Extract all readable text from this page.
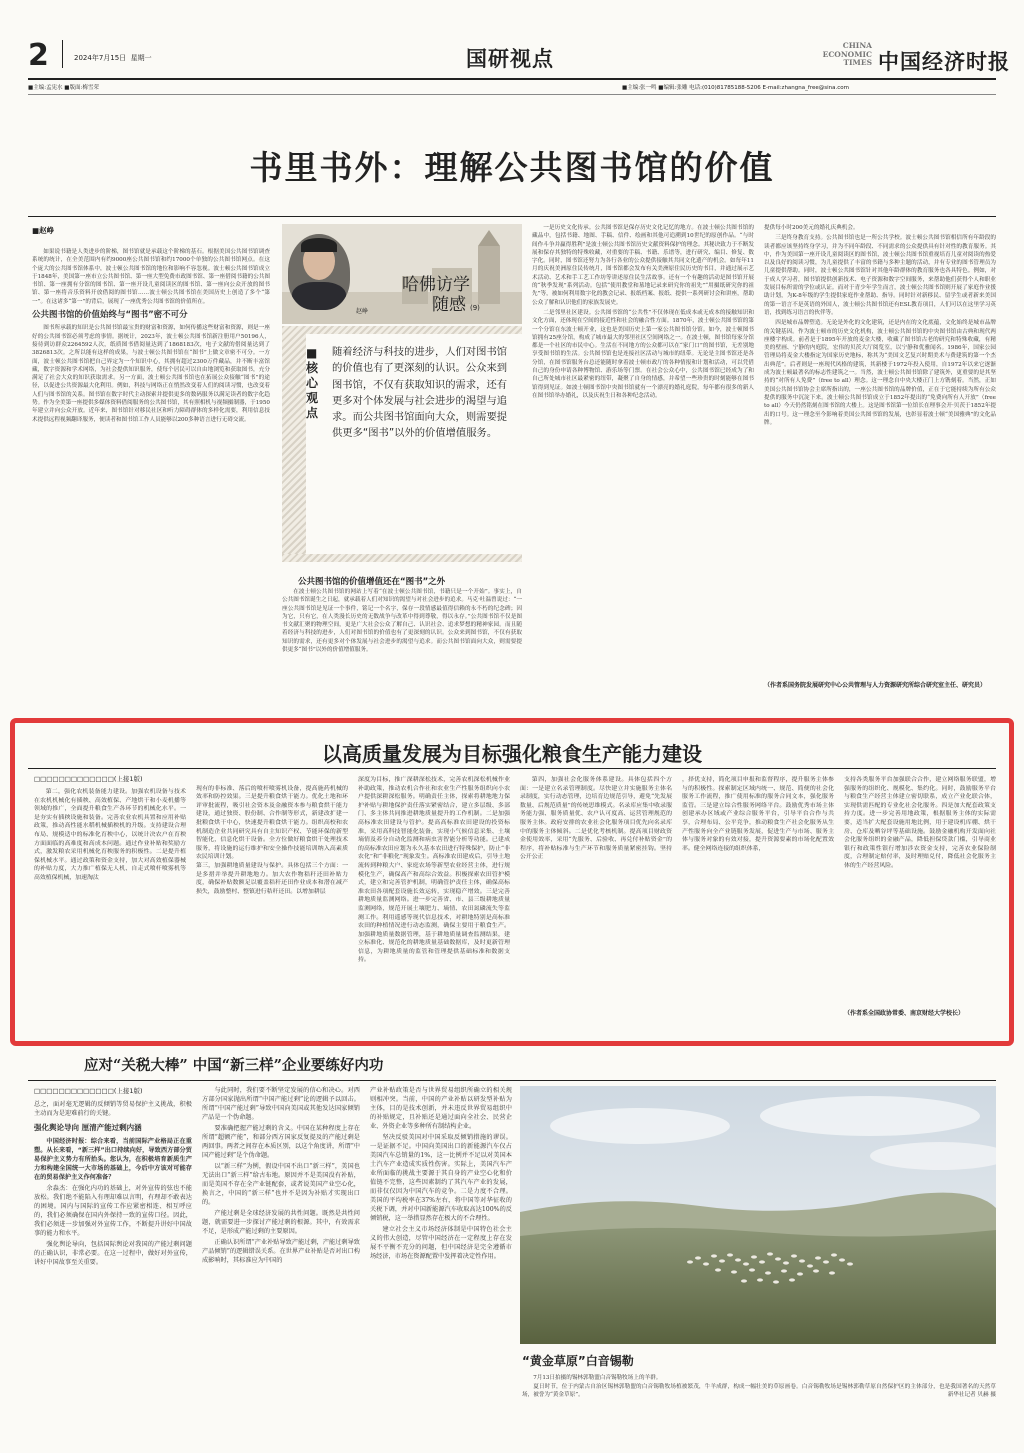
2	2024年7月15日 星期一	国研视点
CHINA
ECONOMIC
TIMES 中国经济时报
■主编:孟宪水 ■版面:梅雪荣	■主编:张一鸣 ■编辑:张雕 电话:(010)81785188-5206 E-mail:zhangna_free@sina.com
书里书外：理解公共图书馆的价值
■赵峥

如果说书籍是人类进步的阶梯，图书馆就是承载这个阶梯的基石。根据美国公共图书馆调查系统的统计，在全美范围内有约9000座公共图书馆和约17000个单独的公共图书馆网点。在这个庞大的公共图书馆体系中，波士顿公共图书馆的地位和影响不容忽视。波士顿公共图书馆成立于1848年，美国第一座市立公共图书馆、第一座大型免费市政图书馆、第一座借阅书籍的公共图书馆、第一座拥有分馆的图书馆、第一座开设儿童阅读区的图书馆、第一座向公众开放的图书馆、第一座将音乐资料开放借阅的图书馆……波士顿公共图书馆在美国历史上创造了多个“第一”。在这诸多“第一”的背后，展现了一座优秀公共图书馆的价值所在。

公共图书馆的价值始终与“图书”密不可分

图书所承载的知识是公共图书馆最宝贵的财富和资源，如何传播这些财富和资源，则是一座好的公共图书馆必须考虑的事情。据统计，2023年，波士顿公共图书馆新注册用户50196人，接待到访群众2264592人次，纸质图书借阅量达到了1868183次，电子文献的借阅量达到了3826813次。之所以能有这样的成果，与波士顿公共图书馆在“图书”上做文章密不可分。一方面，波士顿公共图书馆把自己界定为一个知识中心，其拥有超过2300万件藏品，并不断丰富馆藏，数字资源和学术网络，为社会提供知识服务，使每个居民可以自由地浏览和获取图书，充分满足了社会大众的知识获取需求。另一方面，波士顿公共图书馆也在拓展公众接触“图书”的途径，以促进公共资源最大化利用。例如，科技与网络正在悄然改变着人们的阅读习惯，也改变着人们与图书馆的关系。图书馆在数字时代主动探索并提供更多的数码服务以满足读者的数字化趋势。作为全美第一座提供多媒体资料借阅服务的公共图书馆，其有照相机与视频摄制器，于1950年建立并向公众开放。近年来，图书馆针对移民社区和听力障碍群体的多样化需要，利用信息技术提供远程视频翻译服务，便读者和图书馆工作人员能够以200多种语言进行无碍交流。

赵峥
哈佛访学
随感 (9)
■核心观点
随着经济与科技的进步，人们对图书馆的价值也有了更深刻的认识。公众来到图书馆，不仅有获取知识的需求，还有更多对个体发展与社会进步的渴望与追求。而公共图书馆面向大众，则需要提供更多“图书”以外的价值增值服务。
公共图书馆的价值增值还在“图书”之外

在波士顿公共图书馆的网站上写着“在波士顿公共图书馆，书籍只是一个开始”。事实上，自公共图书馆诞生之日起，就承载着人们对知识的渴望与对社会进步的追求。马克·吐温曾说过：“一座公共图书馆是见证一个事件，铭记一个名字，保存一段情感最值得信赖的永不朽的纪念碑；因为它，只有它，在人类漫长历史的无数战争与改革中得到尊敬，得以永存。”公共图书馆不仅是图书文献汇聚的物理空间，更是广大社会公众了解自己、认识社会、追求梦想的精神家园。而且随着经济与科技的进步，人们对图书馆的价值也有了更深刻的认识。公众来到图书馆，不仅有获取知识的需求，还有更多对个体发展与社会进步的渴望与追求。而公共图书馆面向大众，则需要提供更多“图书”以外的价值增值服务。

一是历史文化传承。公共图书馆是保存历史文化记忆的地方。在波士顿公共图书馆的藏品中，包括书籍、地图、手稿、信件、绘画和其他可追溯到10世纪的原创作品。“与时间作斗争并赢得胜利”是波士顿公共图书馆历史文献资料保护的理念。其秘诀致力于不断发展和保存其独特的特殊收藏，对重要的手稿、书籍、乐谱等，进行研究、编目、修复、数字化。同时，图书馆还努力为各行各业的公众提供接触其共同文化遗产的机会。如每年11月的庆祝美洲原住民传统月，图书馆都会发布有关美洲原住民历史的书目，并通过展示艺术活动、艺术和手工艺工作坊等讲述原住民生活故事。还有一个有趣的活动是图书馆开展的“秋季发现”系列活动。包括“使用教堂和墓地记录来研究你的祖先”“用摄纸研究你的祖先”等，被如何利用数字化的教会记录、报纸档案、报纸、提供一系列研讨会和讲座，帮助公众了解和认识他们的家族发展史。

二是邻里社区建设。公共图书馆的“公共性”不仅体现在低成本或无成本的接触知识和文化方面，还体现在空间的接近性和社会的融合性方面。1870年，波士顿公共图书馆的第一个分馆在东波士顿开业，这也是美国历史上第一家公共图书馆分馆。如今，波士顿图书馆拥有25座分馆，构成了城市最大的邻里社区空间网络之一。在波士顿，图书馆每家分馆都是一个社区的市民中心。生活在不同地方的公众都可以在“家门口”的图书馆，无差别地享受图书馆的生活。公共图书馆也是连接社区活动与城市的纽带。无论是主图书馆还是各分馆，在图书馆服务台总还能随时拿着波士顿市政厅的各种情报和计划和活动，可以凭借自己的身份申请各种博物馆、游乐场等门票。在社会公众心中，公共图书馆已经成为了和自己所处城市社区最紧密的纽带，凝聚了自身的情感，并希望一些珍贵的时刻能够在图书馆得到见证。如波士顿图书馆中央图书馆就有一个漂亮的婚礼庭院，每年都有很多的新人在图书馆举办婚礼，以及庆祝生日和各种纪念活动。

提供每小时200美元的婚礼庆典机会。

三是终身教育支持。公共图书馆也是一所公共学校。波士顿公共图书馆相信所有年龄段的读者都应该坚持终身学习，并为不同年龄段、不同需求的公众提供具有针对性的教育服务。其中，作为美国第一座开设儿童阅读区的图书馆，波士顿公共图书馆重视培育儿童对阅读的热爱以及良好的阅读习惯，为儿童提供了丰富的书籍与多种主题的活动，并有专业的图书管理员为儿童提供帮助。同时，波士顿公共图书馆针对其他年龄群体的教育服务也各具特色。例如，对于成人学习者，图书馆提供创新技术、电子资源和数字空间服务，来帮助他们获得个人和职业发展目标所需的学位或认证。而对于青少年学生而言，波士顿公共图书馆则开展了家庭作业援助计划，为K-8年级的学生提供家庭作业帮助、指导。同时针对新移民、留学生或者新来美国的第一语言不是英语的外国人，波士顿公共图书馆还有ESL教育项目，人们可以在这里学习英语，找到练习语言的伙伴等。

四是城市品牌塑造。无论是外化的文化建筑，还是内在的文化底蕴，文化始终是城市品牌的关键基因。作为波士顿市的历史文化机构，波士顿公共图书馆的中央图书馆由古典和现代两座楼宇构成。前者是于1895年开放的麦金大楼，收藏了图书馆古老的研究和特殊收藏，有精美的壁画、宁静的内庭院，宏伟的贝茨大厅阅览室，以宁静和优雅闻名。1986年，国家公园管理局将麦金大楼指定为国家历史地标，称其为“美国文艺复兴时期美术与费建筑的第一个杰出典范”。后者则是一座现代风格的建筑，其新楼于1972年投入使用，自1972年以来它逐渐成为波士顿最著名的标志性建筑之一。当然，波士顿公共图书馆除了建筑外，更重要的是其坚持的“对所有人免费”（free to all）理念。这一理念自中央大楼正门上方镌刻着。当然，正如美国公共图书馆协会主席所指出的，一座公共图书馆的品牌价值，正在于它能持续为所有公众提供的服务中沉淀下来。波士顿公共图书馆成立于1852年提出的“免费向所有人开放”（free to all）今天仍然铭刻在图书馆的大楼上。这是图书馆第一位馆长在理事会开·贝茨于1852年提出的口号。这一理念至今影响着美国公共图书馆的发展，也彰显着波士顿“美国雅典”的文化品牌。

（作者系国务院发展研究中心公共管理与人力资源研究所综合研究室主任、研究员）
以高质量发展为目标强化粮食生产能力建设
□□□□□□□□□□□□□(上接1版)

第二，强化农机装备能力建设。加强农机设备与技术在农机机械化有插秧、高效植保、产地烘干和小麦机播等领域的推广，全面提升粮食生产各环节的机械化水平。一是夯实有插秧设施和装备。完善农业农机具置和应用补贴政策，推动高性能水稻机械插秧机的升级。支持建设合理布局、规模适中的标准化育秧中心，以统计决农户在育秧方面面临的高难度和高成本问题。通过作业补贴和奖励方式，激发粮农采用机械化育秧服务的积极性。二是提升植保机械水平。通过政策和资金支持，加大对高效植保器械的补贴力度，大力推广植保无人机、自走式喷杆喷雾机等高效植保机械，加速淘汰

现有的非标准、落后的喷杆喷雾机设备，提高施药机械的效率和防控效果。三是提升粮食烘干能力。优化土地和环评审批流程，吸引社会资本及金融资本参与粮食烘干能力建设，通过独资、股份制、合作制等形式，新建改扩建一批粮食烘干中心，快速提升粮食烘干能力。组织高校和农机制造企业共同研究具有自主知识产权、节能环保的新型智能化，信息化烘干设备。全方位做好粮食烘干处理技术服务，将设施的运行维护和安全操作技能培训纳入高素质农民培训计划。
第三，加强耕地质量建设与保护。具体包括三个方面：一是多措并举提升耕地地力。加大农作物秸秆还田补贴力度，确保补贴数额足以覆盖秸秆还田作业成本和潜在减产损失，鼓励整村、整镇进行秸秆还田。以增加耕层

深度为目标，推广深耕深松技术，完善农机深松机械作业补助政策，推动农机合作社和农业生产性服务组织向小农户提供深耕深松服务。明确责任主体，探索将耕地地力保护补贴与耕地保护责任落实紧密结合，建立多层级、多部门、多主体共同推进耕地质量提升的工作机制。二是加强高标准农田建设与管护。提高高标准农田建设的投资标准，采用高科技智能化装备，实现小气候信息采集、土壤墒情及养分自动化监测和病虫害智能分析等功能。已建成的高标准农田应划为永久基本农田进行特殊保护，防止“非农化”和“非粮化”现象发生。高标准农田建成后，引导土地流转到种粮大户、家庭农场等新型农业经营主体，进行规模化生产，确保高产和高综合效益。积极探索农田管护模式，建立和完善管护机制，明确管护责任主体，确保高标准农田各项配套设施长效运转，实现稳产增效。三是完善耕地质量监测网络。进一步完善省、市、县三级耕地质量监测网络，规范开展土壤肥力、墒情、农田氮磷流失等监测工作。利用遥感等现代信息技术，对耕地特别是高标准农田的种植情况进行动态监测，确保主要用于粮食生产。加强耕地质量数据管理，基于耕地质量调查监测结果，建立标准化、规范化的耕地质量基础数据库，及时更新管理信息，为耕地质量的监管和管理提供基础标准和数据支持。

第四，加强社会化服务体系建设。具体包括四个方面：一是建立名录管理制度。尽快建立并实施服务主体名录制度，实行动态管理，边培育边规范引导，避免“先发展数量、后规范质量”的传统思维模式。名录库应集中收录服务能力强、服务质量优、农户认可度高、运营管理规范的服务主体。政府安排的农业社会化服务项目优先向名录库中的服务主体倾斜。二是优化考核机制。提高项目财政资金使用效率，采用“先服务、后验收、再兑付补贴资金”的程序，将补贴标准与生产环节和服务质量紧密挂钩。坚持公开公正

，择优支持，简化项目申报和监督程序，提升服务主体参与的积极性。探索制定区域内统一、规范、简便的社会化服务工作流程，推广使用标准的服务合同文本，强化服务监管。三是建立综合性服务网络平台。鼓励优秀市场主体创建承办区域或产业综合服务平台，引导平台合作与共享，合理布局、公平竞争，推动粮食生产社会化服务从生产性服务向全产业链服务发展，促进生产与市场、服务主体与服务对象的有效对接，提升资源要素的市场化配置效率。健全网络连接的组织体系，

支持各类服务平台加强联合合作，建立网络服务联盟，增强服务的组织化、规模化、集约化。同时，鼓励服务平台与粮食生产经营主体建立密切联系，成立产业化联合体，实现供需匹配的专业化社会化服务。四是加大配套政策支持力度。进一步完善用地政策，根据服务主体的实际需要，适当扩大配套设施用地比例，用于建设机库棚、烘干房、仓库及晒谷坪等基础设施。鼓励金融机构开发面向社会化服务组织的金融产品，降低担保贷款门槛，引导商业银行和政策性银行增加涉农资金支持，完善农业保险制度，合理制定赔付率，及时理赔兑付，降低社会化服务主体的生产经营风险。

（作者系全国政协常委、南京财经大学校长）
应对“关税大棒” 中国“新三样”企业要练好内功
□□□□□□□□□□□□□(上接1版)

总之，面对毫无逻辑的反倾销等贸易保护主义挑战，积极主动而为是迎难前行的关键。

强化舆论导向 厘清产能过剩内涵

中国经济时报：综合来看，当前国际产业格局正在重塑。从长来看，“新三样”出口持续向好，导致西方部分贸易保护主义势力有所抬头。您认为，在积极培育新质生产力和构建全国统一大市场的基础上，今后中方该对可能存在的贸易保护主义作何准备？

余淼杰：在强化内功的基础上，对外宣传的弦也不能放松。我们绝不能陷入有理却难以言明，有理却不敢表达的困境。国内与国际的宣传工作应紧密相连、相互呼应的，我们必须确保在国内外保持一致的宣传口径。因此，我们必须进一步加强对外宣传工作，不断提升讲好中国故事的能力和水平。

强化舆论导向，包括国际舆论对我国的产能过剩问题的正确认识，非常必要。在这一过程中，做好对外宣传，讲好中国故事至关重要。

与此同时，我们要不断坚定发展的信心和决心。对西方部分国家抛出所谓“中国产能过剩”论的逻辑予以回击。所谓“中国产能过剩”导致中国向美国或其他发达国家倾销产品是一个伪命题。

要准确把握产能过剩的含义。中国在某种程度上存在所谓“超额产能”，和部分西方国家反复提及的产能过剩是两回事。两者之间存在本质区别，以这个角度讲，所谓“中国产能过剩”是个伪命题。

以“新三样”为例，假设中国不出口“新三样”，美国也无法出口“新三样”给古布地。原因并不是美国没有补贴，而是美国不存在全产业链配套，或者说美国产业空心化，换言之，中国的“新三样”也并不是因为补贴才实现出口的。

产能过剩是全球经济发展的共性问题。既然是共性问题，就需要进一步探讨产能过剩的根源。其中，有效需求不足，是形成产能过剩的主要原因。

正确认识所谓“产业补贴导致产能过剩，产能过剩导致产品倾销”的逻辑错误关系。在世界产业补贴是否对出口构成影响时，其标准应为中国的

产业补贴政策是否与世界贸易组织所确立的相关规则相冲突。当前，中国的产业补贴以研发型补贴为主体，目的是技术创新，并未违反世界贸易组织中的补贴规定，且补贴还是通过面向全社会、民营企业、外资企业等多种所有制结构企业。

坚决反驳美国对中国采取反倾销措施的谬误。一是证据不足。中国向美国出口的新能源汽车仅占美国汽车总销量的1%，这一比例并不足以对美国本土汽车产业造成实质性伤害。实际上，美国汽车产业所面临的挑战主要源于其自身的产业空心化和价值链不完整，这些因素制约了其汽车产业的发展，而非仅仅因为中国汽车的竞争。二是力度不合理。美国的平均税率在37%左右，将中国等对华征收的关税下调，并对中国新能源汽车收取高达100%的反倾销税，这一举措显然存在极大的不合理性。

建立社会主义市场经济体制是中国特色社会主义的伟大创造，尽管中国经济在一定程度上存在发展不平衡不充分的问题，但中国经济是完全遵循市场经济，市场在资源配置中发挥着决定性作用。

“黄金草原”白音锡勒
7月13日拍摄的锡林郭勒盟白音锡勒牧场上的羊群。
夏日时节，位于内蒙古自治区锡林郭勒盟的白音锡勒牧场植被繁茂，牛羊成群，构成一幅壮美的草原画卷。白音锡勒牧场是锡林郭勒草原自然保护区的主体部分，也是我国著名的天然草场，被誉为“黄金草原”。	新华社记者 贝赫 摄
